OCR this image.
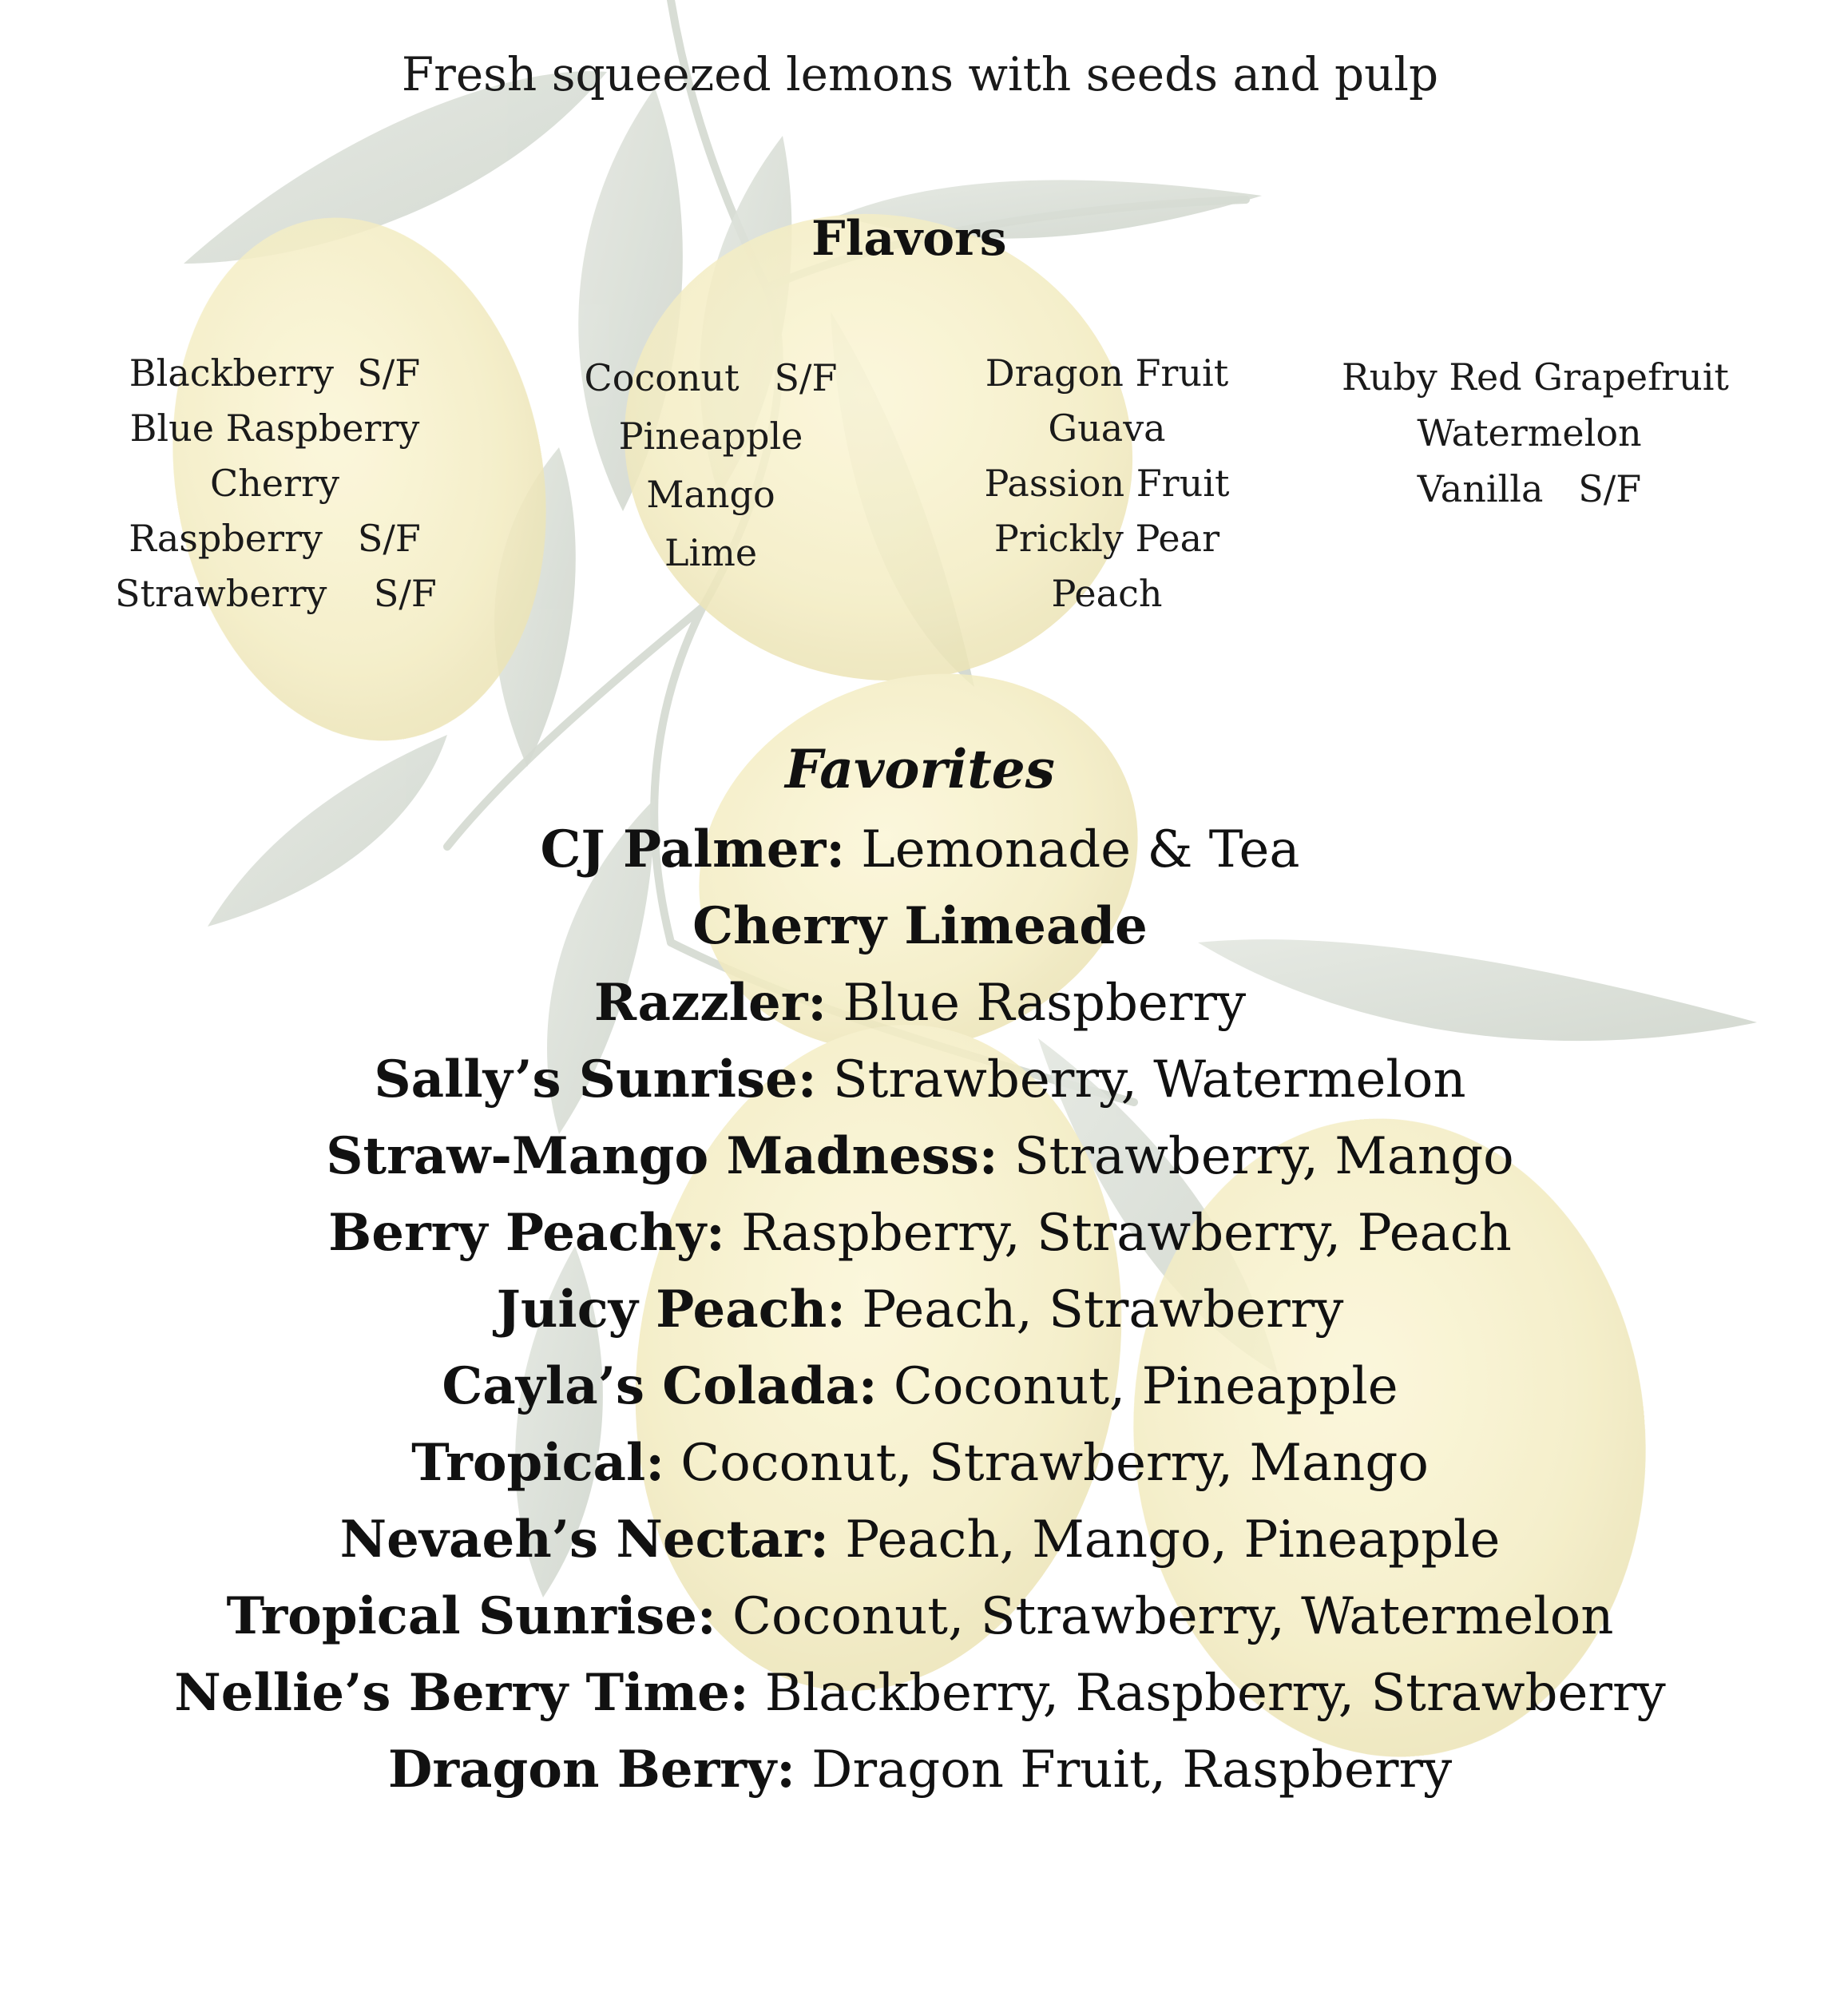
Fresh squeezed lemons with seeds and pulp

Flavors
Blackberry  S/F
Blue Raspberry
Cherry
Raspberry   S/F
Strawberry    S/F
Coconut   S/F
Pineapple
Mango
Lime
Dragon Fruit
Guava
Passion Fruit
Prickly Pear
Peach
Ruby Red Grapefruit
Watermelon
Vanilla   S/F
Favorites
CJ Palmer: Lemonade & Tea
Cherry Limeade
Razzler: Blue Raspberry
Sally’s Sunrise: Strawberry, Watermelon
Straw-Mango Madness: Strawberry, Mango
Berry Peachy: Raspberry, Strawberry, Peach
Juicy Peach: Peach, Strawberry
Cayla’s Colada: Coconut, Pineapple
Tropical: Coconut, Strawberry, Mango
Nevaeh’s Nectar: Peach, Mango, Pineapple
Tropical Sunrise: Coconut, Strawberry, Watermelon
Nellie’s Berry Time: Blackberry, Raspberry, Strawberry
Dragon Berry: Dragon Fruit, Raspberry
